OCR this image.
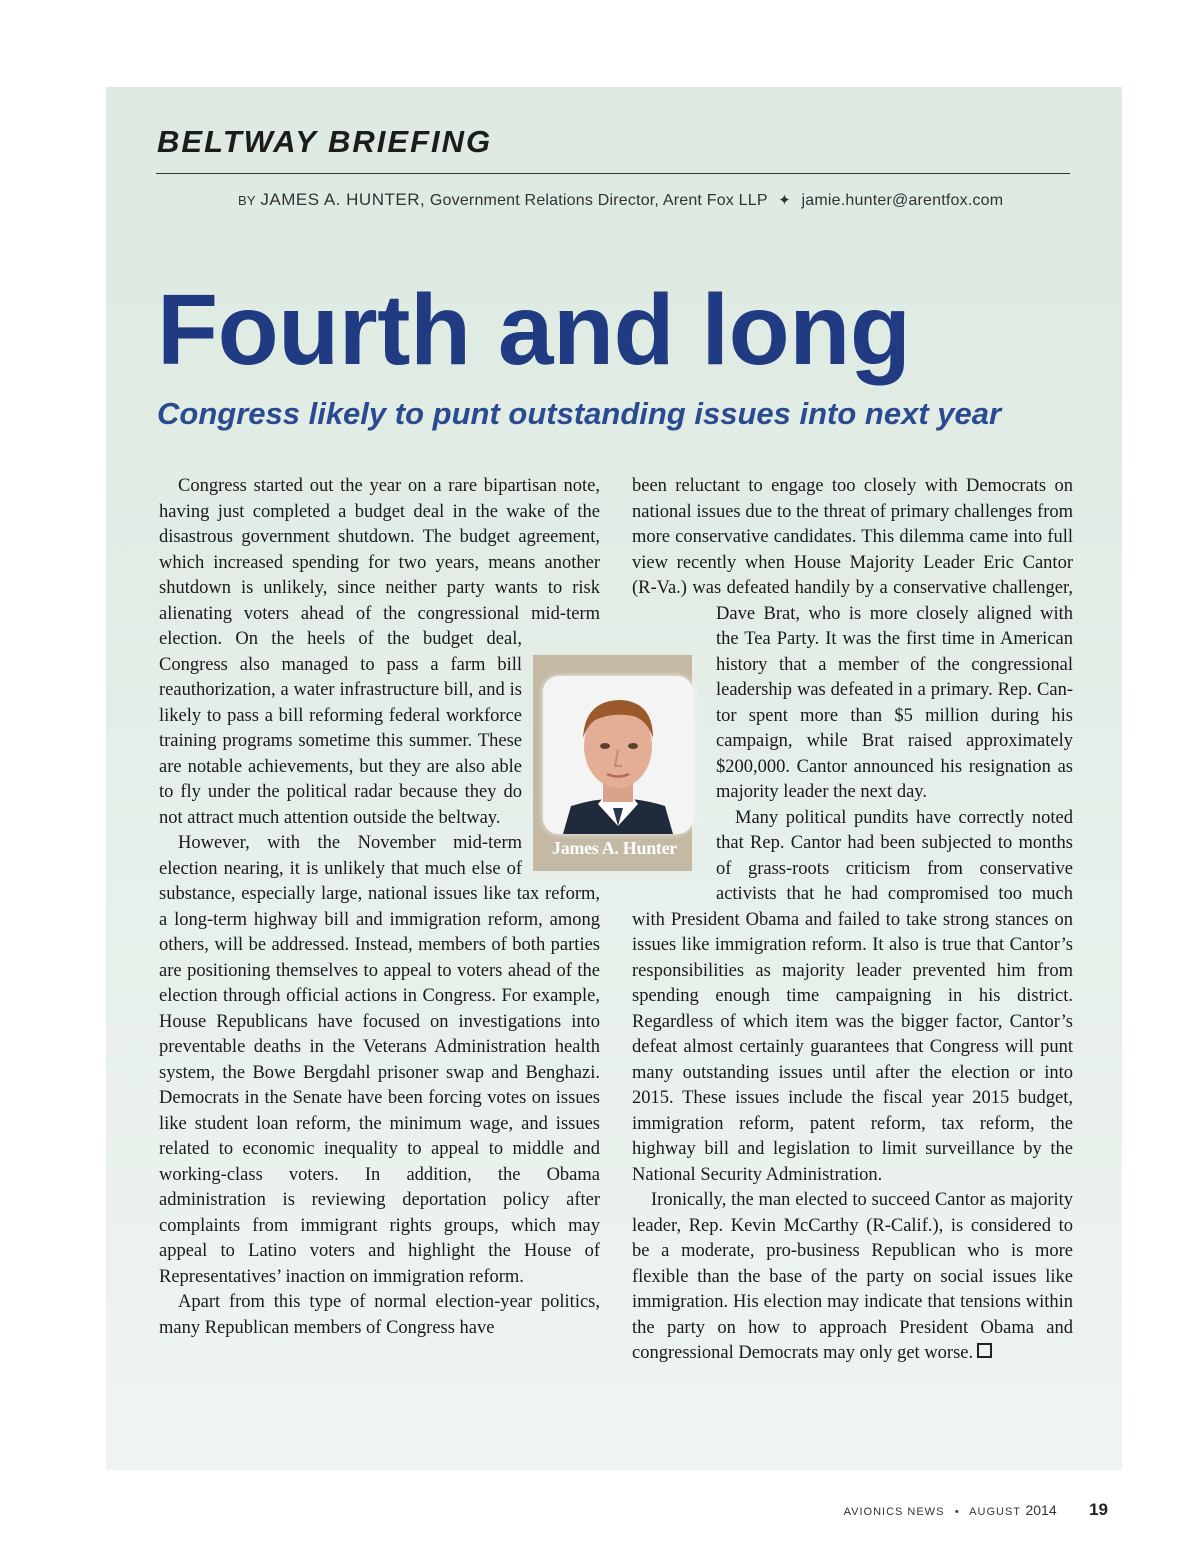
BELTWAY BRIEFING
BY JAMES A. HUNTER, Government Relations Director, Arent Fox LLP ✦ jamie.hunter@arentfox.com
Fourth and long
Congress likely to punt outstanding issues into next year

Congress started out the year on a rare bipartisan note, having just completed a budget deal in the wake of the disastrous government shutdown. The budget agreement, which increased spending for two years, means another shutdown is unlikely, since neither party wants to risk alienating voters ahead of the congressional mid-term election. On the heels of the budget deal, Congress also managed to pass a farm bill reauthorization, a water infrastructure bill, and is likely to pass a bill reforming federal workforce training programs sometime this summer. These are notable achievements, but they are also able to fly under the political radar because they do not attract much attention outside the beltway.

However, with the November mid-term election nearing, it is unlikely that much else of substance, especially large, national issues like tax reform, a long-term highway bill and immigration reform, among others, will be addressed. Instead, members of both parties are positioning themselves to appeal to voters ahead of the election through official actions in Congress. For example, House Republicans have focused on investigations into preventable deaths in the Veterans Administration health system, the Bowe Bergdahl prisoner swap and Benghazi. Democrats in the Senate have been forcing votes on issues like student loan reform, the minimum wage, and issues related to economic inequality to appeal to middle and working-class voters. In addition, the Obama administration is reviewing deportation policy after complaints from immigrant rights groups, which may appeal to Latino voters and highlight the House of Representatives’ inaction on immigration reform.

Apart from this type of normal election-year politics, many Republican members of Congress have

been reluctant to engage too closely with Democrats on national issues due to the threat of primary challenges from more conservative candidates. This dilemma came into full view recently when House Majority Leader Eric Cantor (R-Va.) was defeated handily by a conservative challenger, Dave Brat, who is more closely aligned with the Tea Party. It was the first time in American history that a member of the congressional leadership was defeated in a primary. Rep. Cantor spent more than $5 million during his campaign, while Brat raised approximately $200,000. Cantor announced his resignation as majority leader the next day.

Many political pundits have correctly noted that Rep. Cantor had been subjected to months of grass-roots criticism from conservative activists that he had compromised too much with President Obama and failed to take strong stances on issues like immigration reform. It also is true that Cantor’s responsibilities as majority leader prevented him from spending enough time campaigning in his district. Regardless of which item was the bigger factor, Cantor’s defeat almost certainly guarantees that Congress will punt many outstanding issues until after the election or into 2015. These issues include the fiscal year 2015 budget, immigration reform, patent reform, tax reform, the highway bill and legislation to limit surveillance by the National Security Administration.

Ironically, the man elected to succeed Cantor as majority leader, Rep. Kevin McCarthy (R-Calif.), is considered to be a moderate, pro-business Republican who is more flexible than the base of the party on social issues like immigration. His election may indicate that tensions within the party on how to approach President Obama and congressional Democrats may only get worse.

James A. Hunter
AVIONICS NEWS • AUGUST 2014 19
